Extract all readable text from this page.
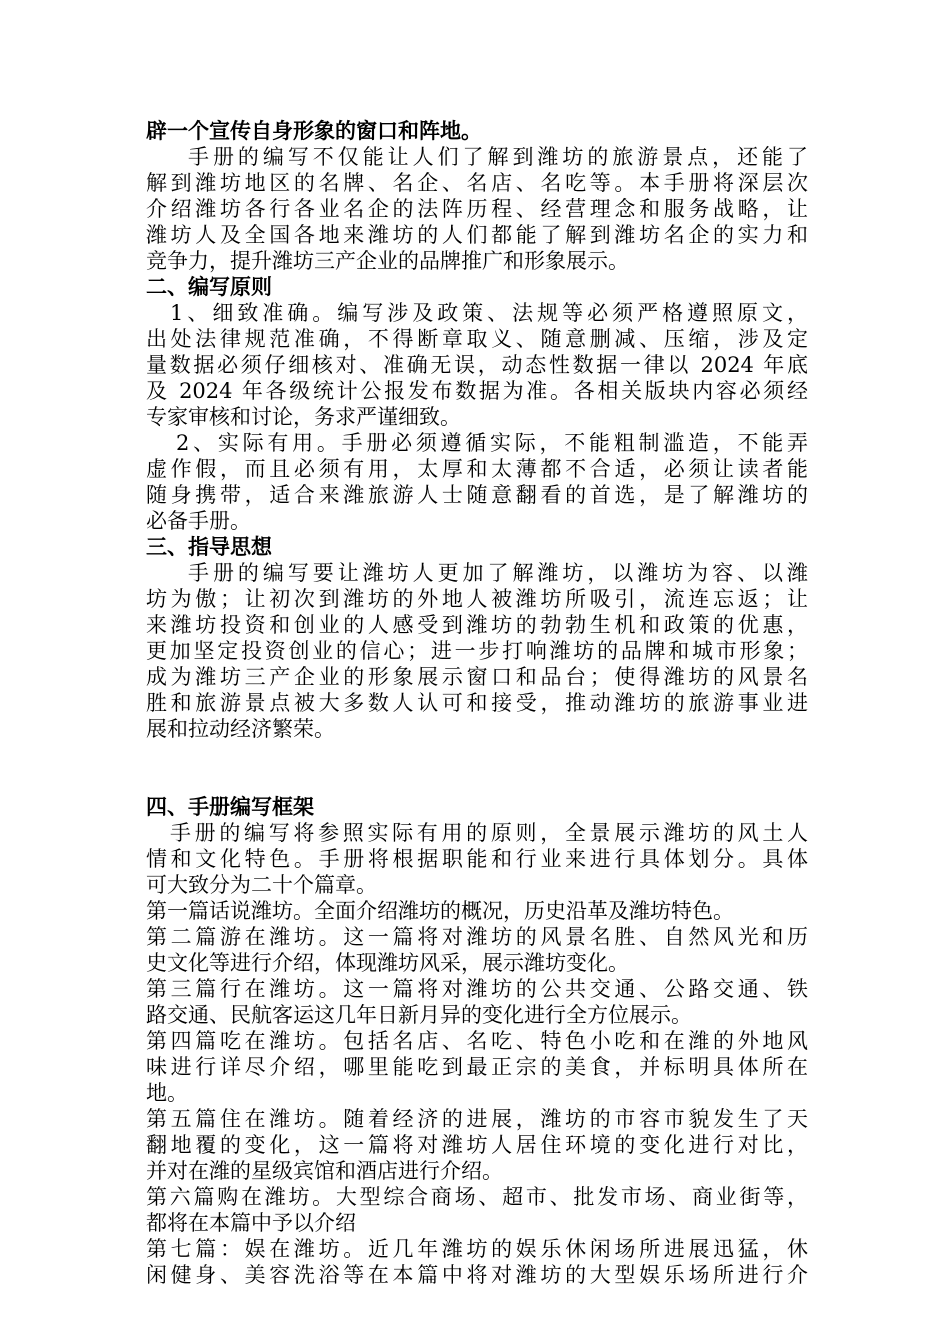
辟一个宣传自身形象的窗口和阵地。
手册的编写不仅能让人们了解到潍坊的旅游景点，还能了
解到潍坊地区的名牌、名企、名店、名吃等。本手册将深层次
介绍潍坊各行各业名企的法阵历程、经营理念和服务战略，让
潍坊人及全国各地来潍坊的人们都能了解到潍坊名企的实力和
竞争力，提升潍坊三产企业的品牌推广和形象展示。
二、编写原则
1、细致准确。编写涉及政策、法规等必须严格遵照原文，
出处法律规范准确，不得断章取义、随意删减、压缩，涉及定
量数据必须仔细核对、准确无误，动态性数据一律以 2024 年底
及 2024 年各级统计公报发布数据为准。各相关版块内容必须经
专家审核和讨论，务求严谨细致。
2、实际有用。手册必须遵循实际，不能粗制滥造，不能弄
虚作假，而且必须有用，太厚和太薄都不合适，必须让读者能
随身携带，适合来潍旅游人士随意翻看的首选，是了解潍坊的
必备手册。
三、指导思想
手册的编写要让潍坊人更加了解潍坊，以潍坊为容、以潍
坊为傲；让初次到潍坊的外地人被潍坊所吸引，流连忘返；让
来潍坊投资和创业的人感受到潍坊的勃勃生机和政策的优惠，
更加坚定投资创业的信心；进一步打响潍坊的品牌和城市形象；
成为潍坊三产企业的形象展示窗口和品台；使得潍坊的风景名
胜和旅游景点被大多数人认可和接受，推动潍坊的旅游事业进
展和拉动经济繁荣。
四、手册编写框架
手册的编写将参照实际有用的原则，全景展示潍坊的风土人
情和文化特色。手册将根据职能和行业来进行具体划分。具体
可大致分为二十个篇章。
第一篇话说潍坊。全面介绍潍坊的概况，历史沿革及潍坊特色。
第二篇游在潍坊。这一篇将对潍坊的风景名胜、自然风光和历
史文化等进行介绍，体现潍坊风采，展示潍坊变化。
第三篇行在潍坊。这一篇将对潍坊的公共交通、公路交通、铁
路交通、民航客运这几年日新月异的变化进行全方位展示。
第四篇吃在潍坊。包括名店、名吃、特色小吃和在潍的外地风
味进行详尽介绍，哪里能吃到最正宗的美食，并标明具体所在
地。
第五篇住在潍坊。随着经济的进展，潍坊的市容市貌发生了天
翻地覆的变化，这一篇将对潍坊人居住环境的变化进行对比，
并对在潍的星级宾馆和酒店进行介绍。
第六篇购在潍坊。大型综合商场、超市、批发市场、商业街等，
都将在本篇中予以介绍
第七篇：娱在潍坊。近几年潍坊的娱乐休闲场所进展迅猛，休
闲健身、美容洗浴等在本篇中将对潍坊的大型娱乐场所进行介
